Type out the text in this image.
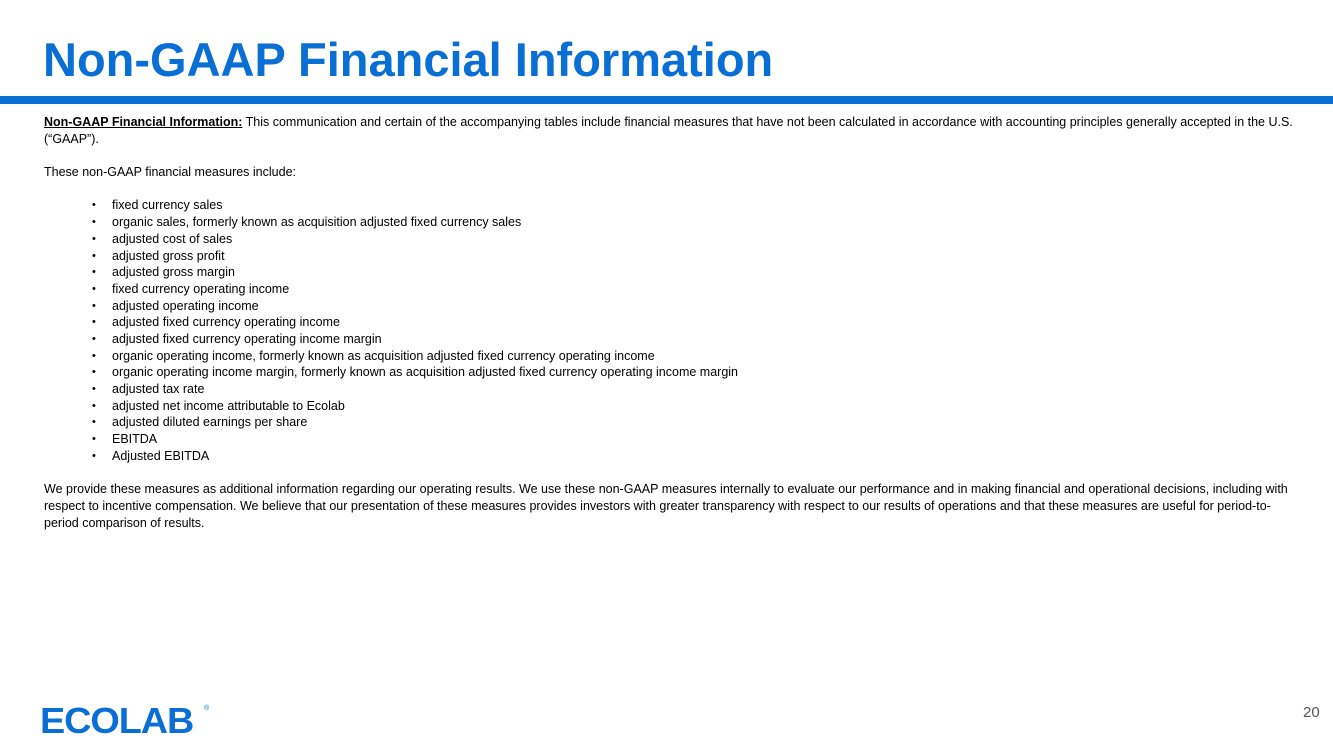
Non-GAAP Financial Information

Non-GAAP Financial Information: This communication and certain of the accompanying tables include financial measures that have not been calculated in accordance with accounting principles generally accepted in the U.S. (“GAAP”).

These non-GAAP financial measures include:

• fixed currency sales
• organic sales, formerly known as acquisition adjusted fixed currency sales
• adjusted cost of sales
• adjusted gross profit
• adjusted gross margin
• fixed currency operating income
• adjusted operating income
• adjusted fixed currency operating income
• adjusted fixed currency operating income margin
• organic operating income, formerly known as acquisition adjusted fixed currency operating income
• organic operating income margin, formerly known as acquisition adjusted fixed currency operating income margin
• adjusted tax rate
• adjusted net income attributable to Ecolab
• adjusted diluted earnings per share
• EBITDA
• Adjusted EBITDA

We provide these measures as additional information regarding our operating results. We use these non-GAAP measures internally to evaluate our performance and in making financial and operational decisions, including with respect to incentive compensation. We believe that our presentation of these measures provides investors with greater transparency with respect to our results of operations and that these measures are useful for period-to-period comparison of results.

ECOLAB ®	20
